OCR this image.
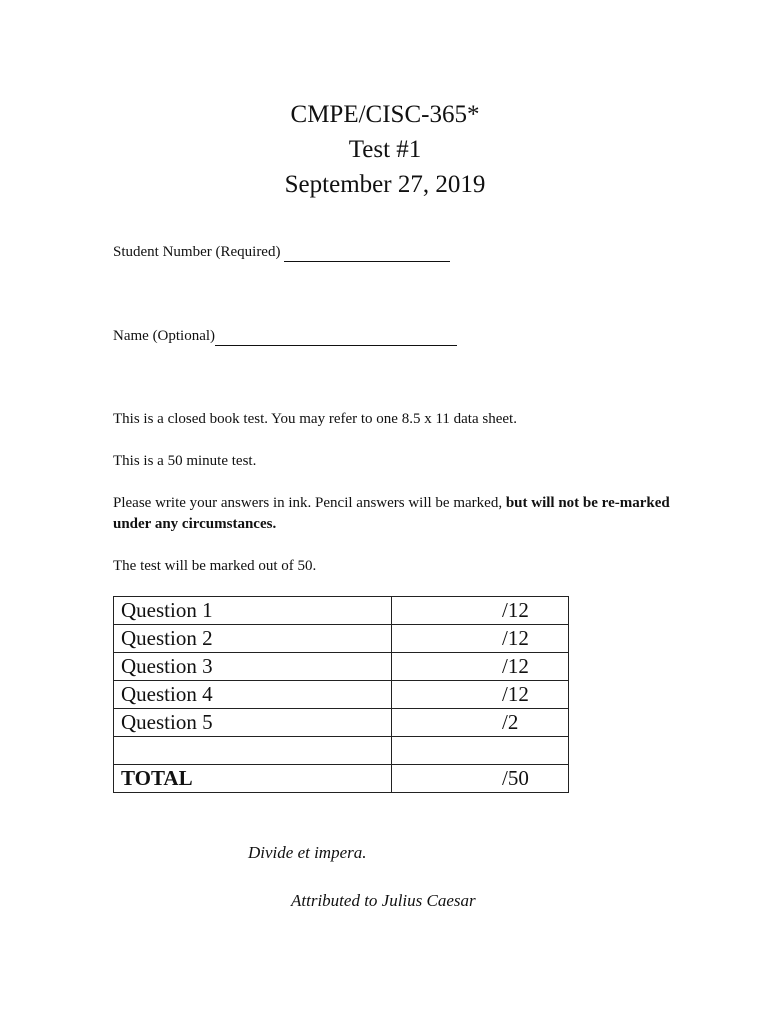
CMPE/CISC-365*
Test #1
September 27, 2019
Student Number (Required)
Name (Optional)
This is a closed book test. You may refer to one 8.5 x 11 data sheet.
This is a 50 minute test.
Please write your answers in ink. Pencil answers will be marked, but will not be re-marked under any circumstances.
The test will be marked out of 50.
Question 1	/12
Question 2	/12
Question 3	/12
Question 4	/12
Question 5	/2

TOTAL	/50
Divide et impera.
Attributed to Julius Caesar
